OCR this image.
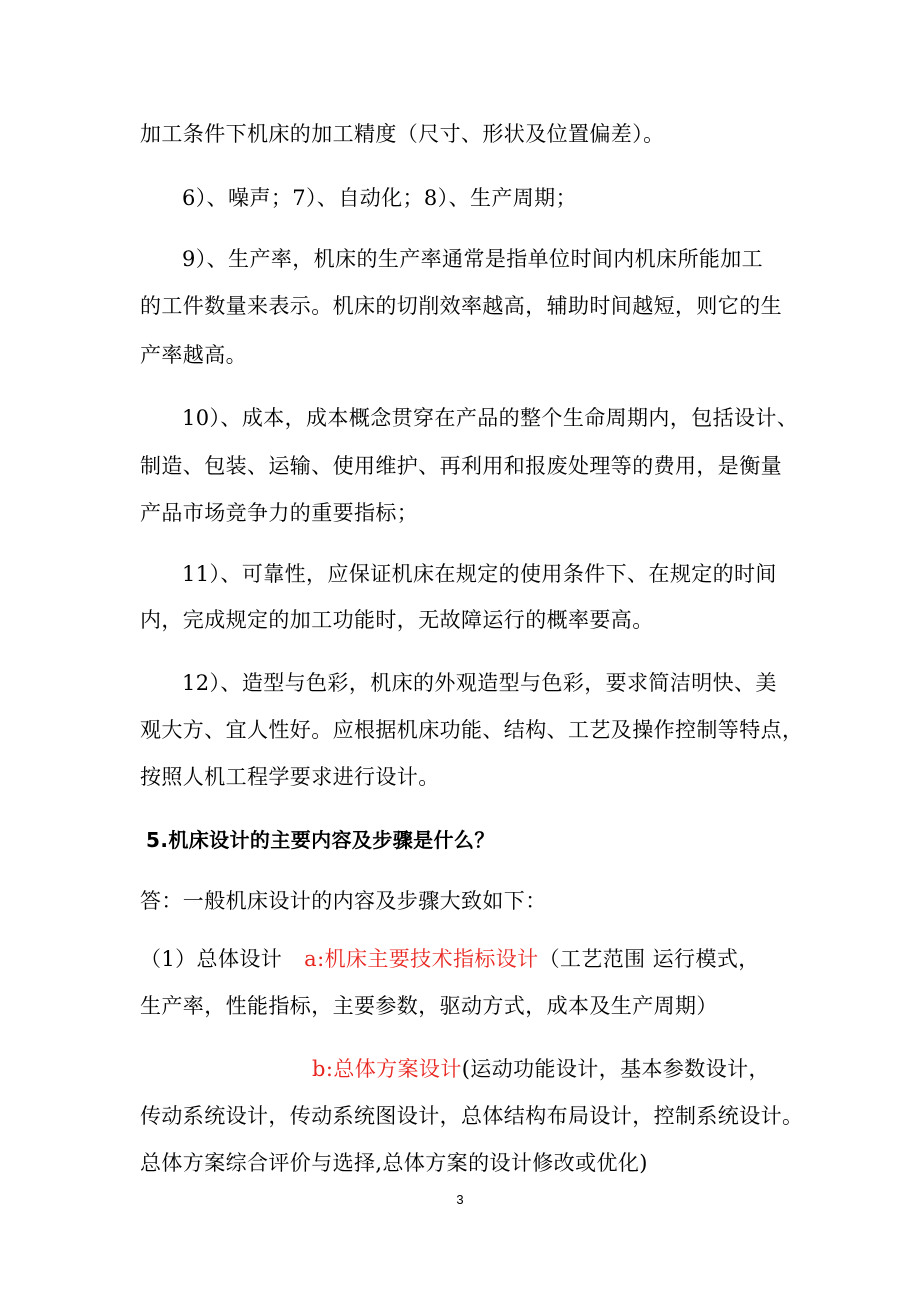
加工条件下机床的加工精度（尺寸、形状及位置偏差）。
6）、噪声；7）、自动化；8）、生产周期；
9）、生产率，机床的生产率通常是指单位时间内机床所能加工
的工件数量来表示。机床的切削效率越高，辅助时间越短，则它的生
产率越高。
10）、成本，成本概念贯穿在产品的整个生命周期内，包括设计、
制造、包装、运输、使用维护、再利用和报废处理等的费用，是衡量
产品市场竞争力的重要指标；
11）、可靠性，应保证机床在规定的使用条件下、在规定的时间
内，完成规定的加工功能时，无故障运行的概率要高。
12）、造型与色彩，机床的外观造型与色彩，要求简洁明快、美
观大方、宜人性好。应根据机床功能、结构、工艺及操作控制等特点，
按照人机工程学要求进行设计。
5.机床设计的主要内容及步骤是什么？
答：一般机床设计的内容及步骤大致如下：
（1）总体设计 a:机床主要技术指标设计（工艺范围 运行模式，
生产率，性能指标，主要参数，驱动方式，成本及生产周期）
b:总体方案设计(运动功能设计，基本参数设计，
传动系统设计，传动系统图设计，总体结构布局设计，控制系统设计。
总体方案综合评价与选择,总体方案的设计修改或优化)
3
